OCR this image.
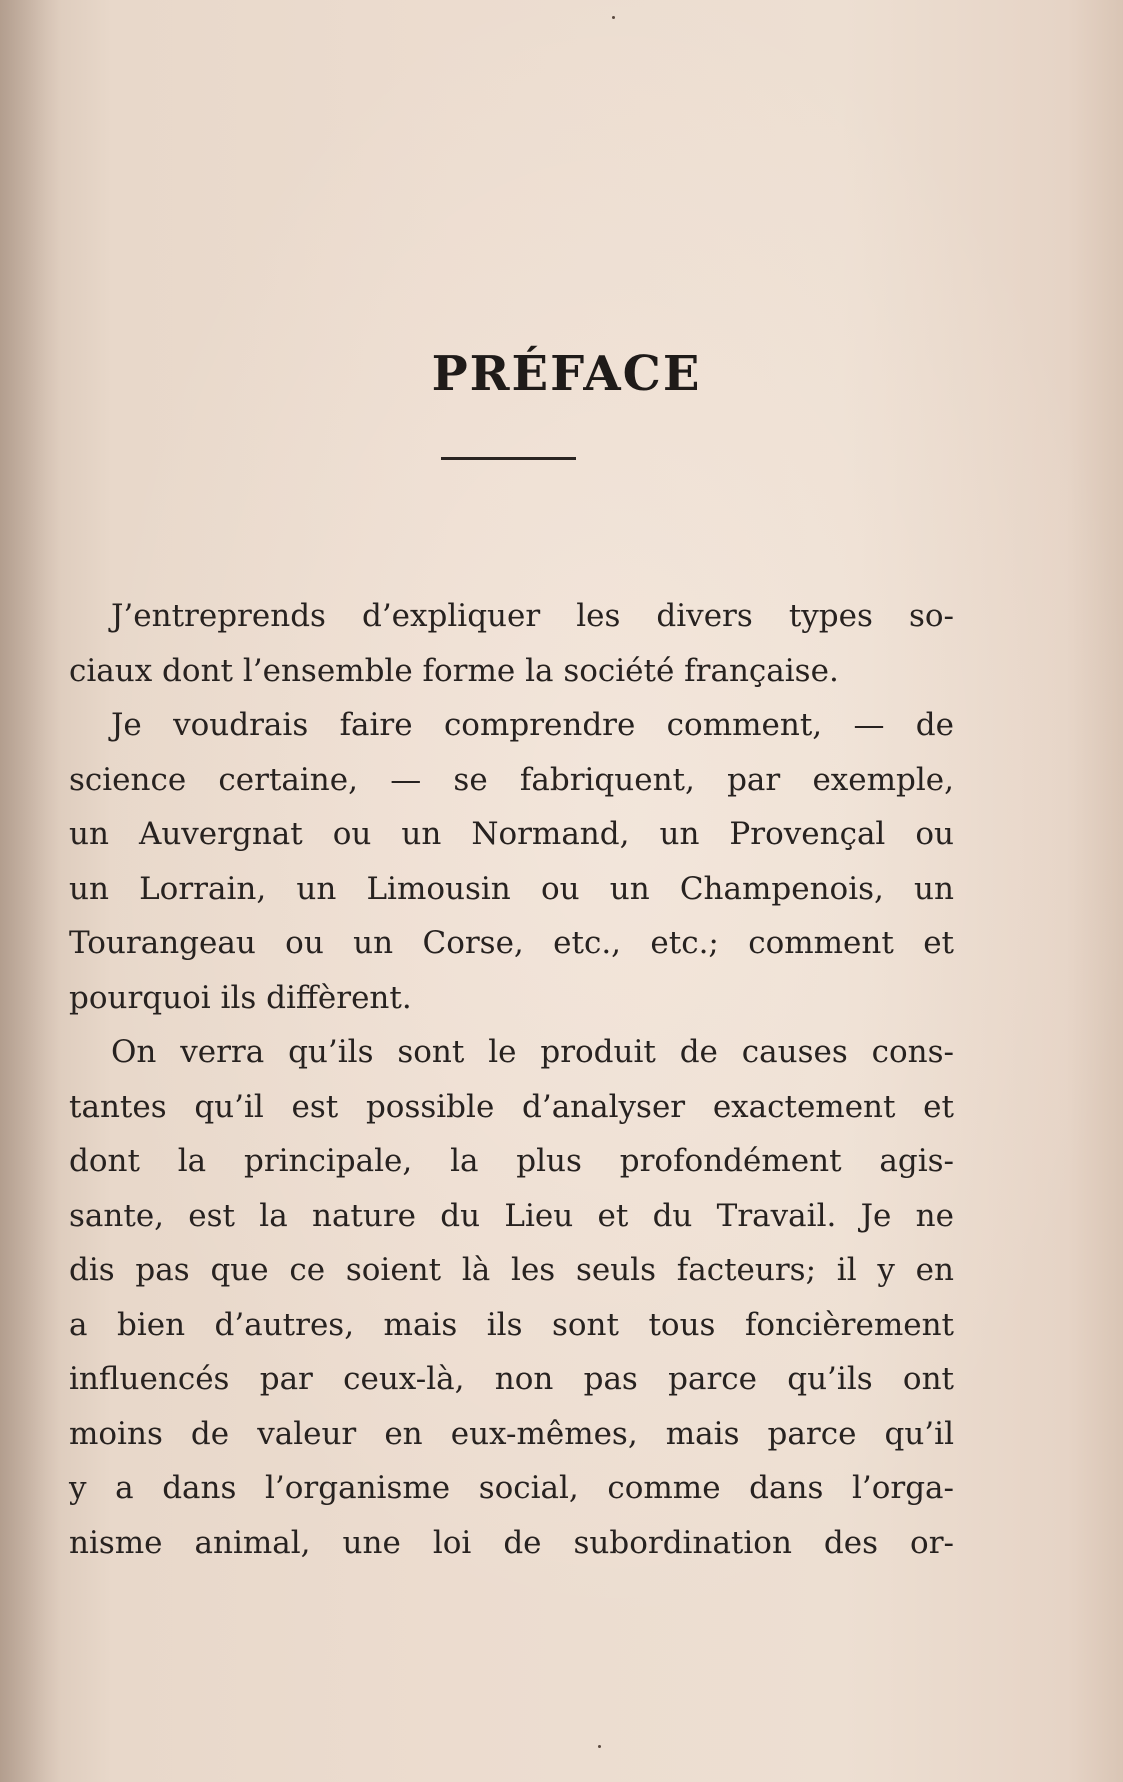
PRÉFACE
J’entreprends d’expliquer les divers types so-
ciaux dont l’ensemble forme la société française.
Je voudrais faire comprendre comment, — de
science certaine, — se fabriquent, par exemple,
un Auvergnat ou un Normand, un Provençal ou
un Lorrain, un Limousin ou un Champenois, un
Tourangeau ou un Corse, etc., etc.; comment et
pourquoi ils diffèrent.
On verra qu’ils sont le produit de causes cons-
tantes qu’il est possible d’analyser exactement et
dont la principale, la plus profondément agis-
sante, est la nature du Lieu et du Travail. Je ne
dis pas que ce soient là les seuls facteurs; il y en
a bien d’autres, mais ils sont tous foncièrement
influencés par ceux-là, non pas parce qu’ils ont
moins de valeur en eux-mêmes, mais parce qu’il
y a dans l’organisme social, comme dans l’orga-
nisme animal, une loi de subordination des or-
